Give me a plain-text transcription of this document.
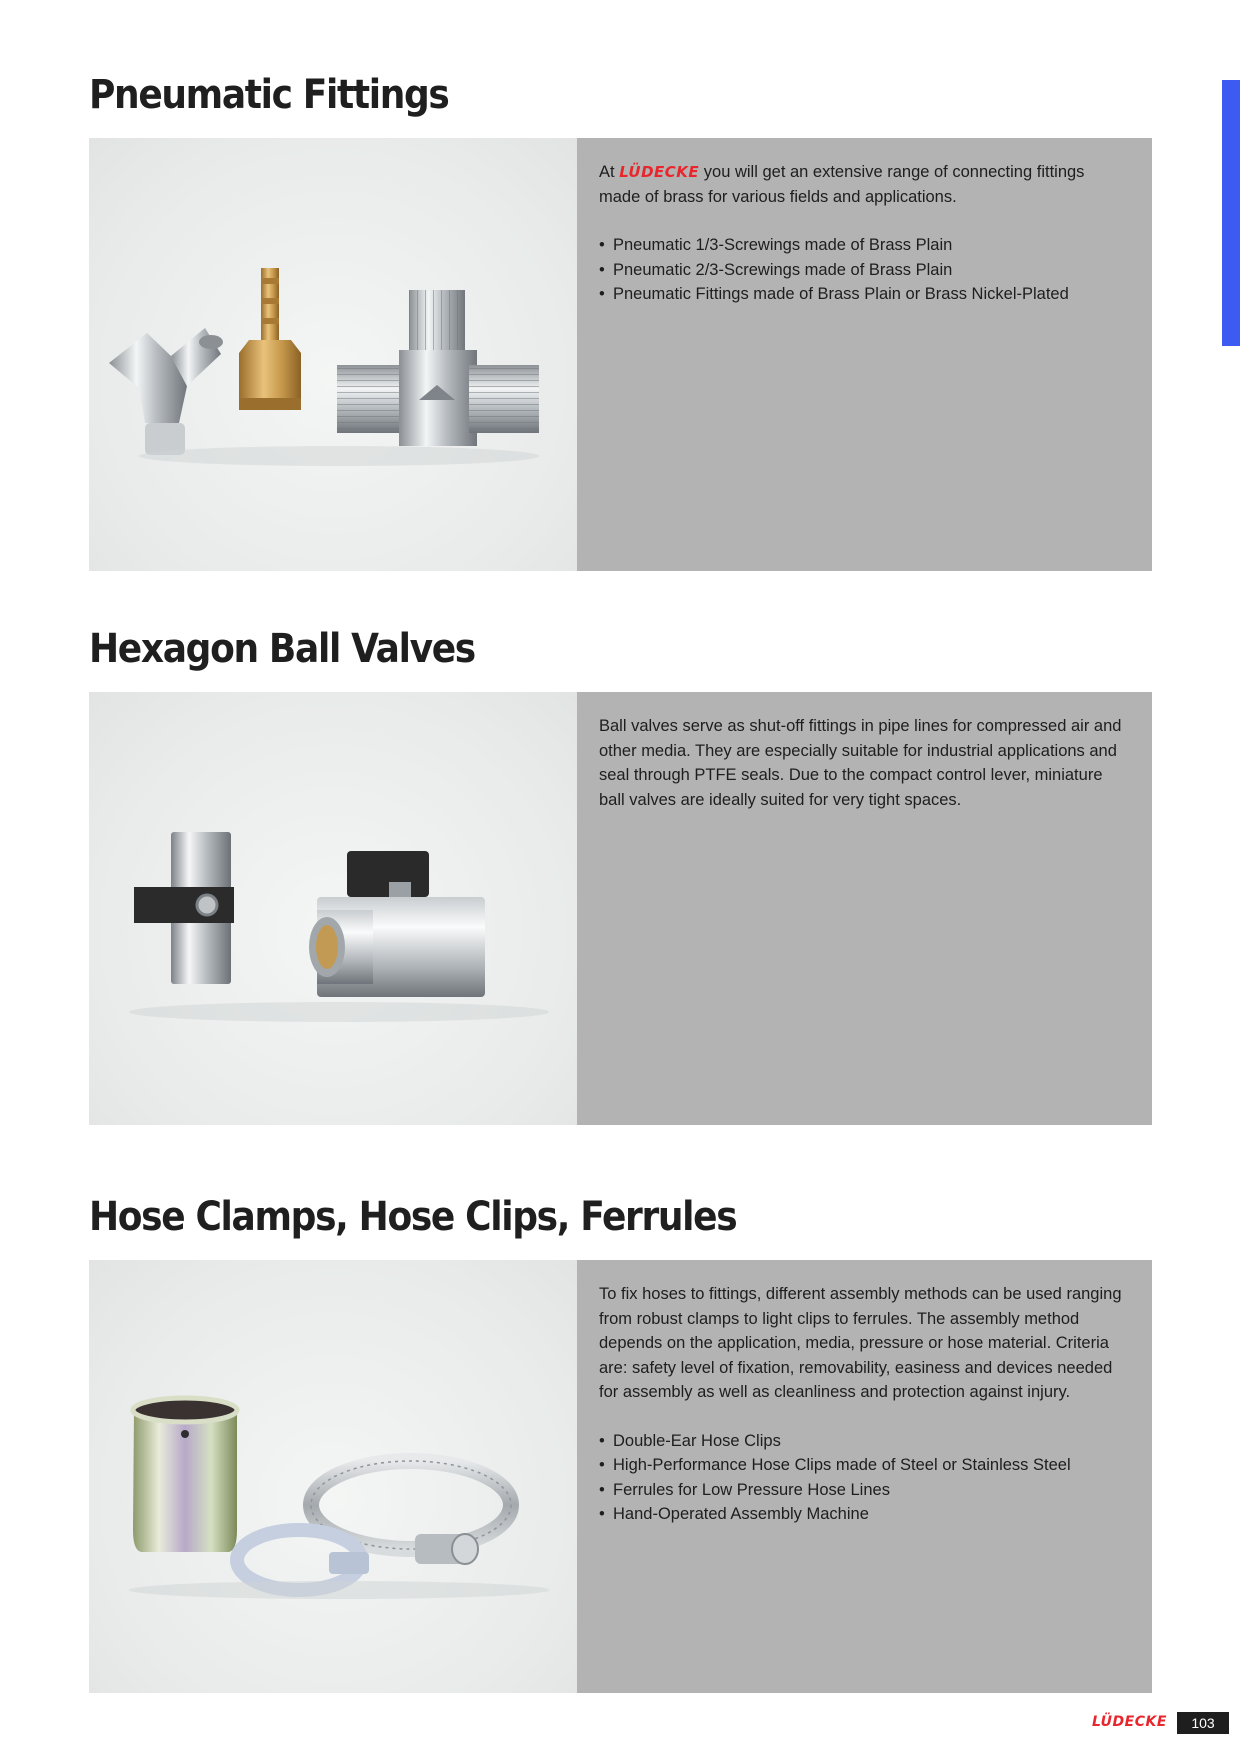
Pneumatic Fittings

At LÜDECKE you will get an extensive range of connecting fittings made of brass for various fields and applications.

• Pneumatic 1/3-Screwings made of Brass Plain
• Pneumatic 2/3-Screwings made of Brass Plain
• Pneumatic Fittings made of Brass Plain or Brass Nickel-Plated
Hexagon Ball Valves

Ball valves serve as shut-off fittings in pipe lines for compressed air and other media. They are especially suitable for industrial applications and seal through PTFE seals. Due to the compact control lever, miniature ball valves are ideally suited for very tight spaces.

Hose Clamps, Hose Clips, Ferrules

To fix hoses to fittings, different assembly methods can be used ranging from robust clamps to light clips to ferrules. The assembly method depends on the application, media, pressure or hose material. Criteria are: safety level of fixation, removability, easiness and devices needed for assembly as well as cleanliness and protection against injury.

• Double-Ear Hose Clips
• High-Performance Hose Clips made of Steel or Stainless Steel
• Ferrules for Low Pressure Hose Lines
• Hand-Operated Assembly Machine
LÜDECKE	103
